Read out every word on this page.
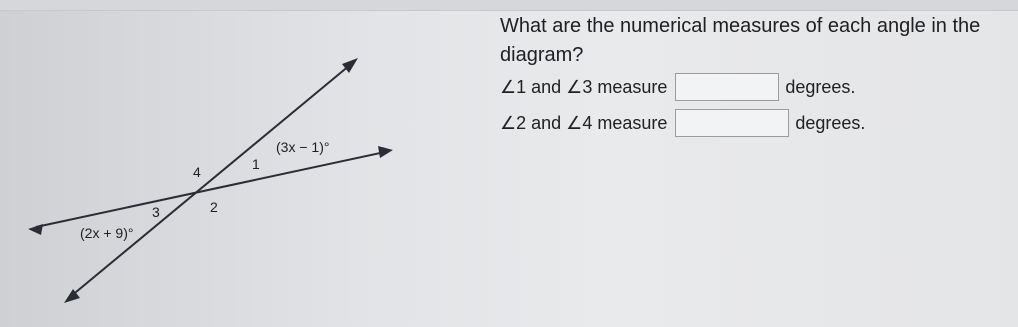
1
2
3
4
(3x − 1)°
(2x + 9)°
What are the numerical measures of each angle in the diagram?
∠1 and ∠3 measure	degrees.
∠2 and ∠4 measure	degrees.
